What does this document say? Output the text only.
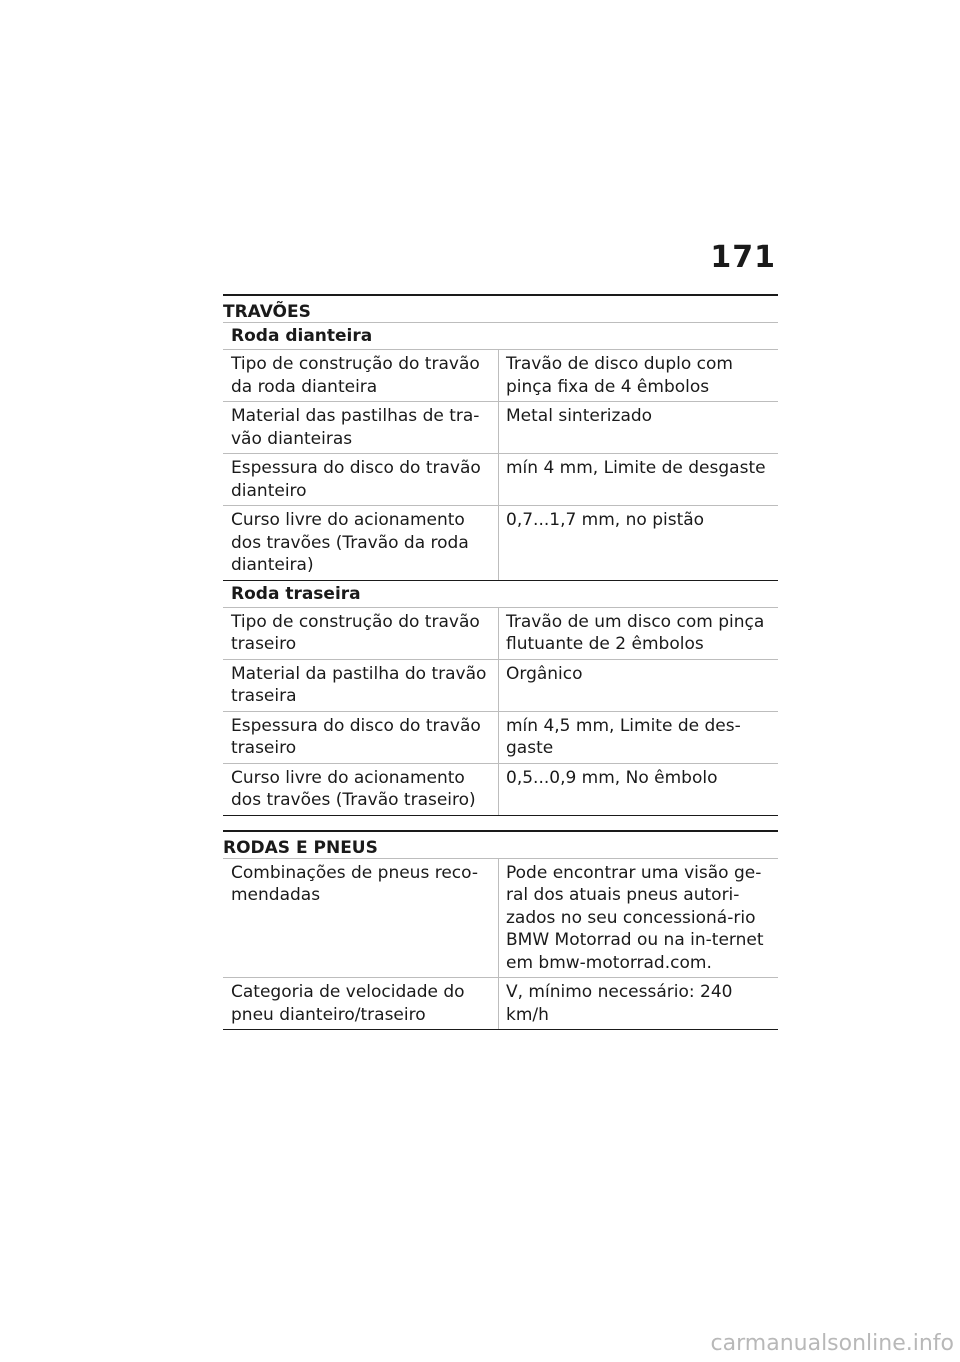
171
TRAVÕES
Roda dianteira
Tipo de construção do travão da roda dianteira	Travão de disco duplo com pinça fixa de 4 êmbolos
Material das pastilhas de tra-vão dianteiras	Metal sinterizado
Espessura do disco do travão dianteiro	mín 4 mm, Limite de desgaste
Curso livre do acionamento dos travões (Travão da roda dianteira)	0,7...1,7 mm, no pistão
Roda traseira
Tipo de construção do travão traseiro	Travão de um disco com pinça flutuante de 2 êmbolos
Material da pastilha do travão traseira	Orgânico
Espessura do disco do travão traseiro	mín 4,5 mm, Limite de des-gaste
Curso livre do acionamento dos travões (Travão traseiro)	0,5...0,9 mm, No êmbolo
RODAS E PNEUS
Combinações de pneus reco-mendadas	Pode encontrar uma visão ge-ral dos atuais pneus autori-zados no seu concessioná-rio BMW Motorrad ou na in-ternet em bmw-motorrad.com.
Categoria de velocidade do pneu dianteiro/traseiro	V, mínimo necessário: 240 km/h
carmanualsonline.info
